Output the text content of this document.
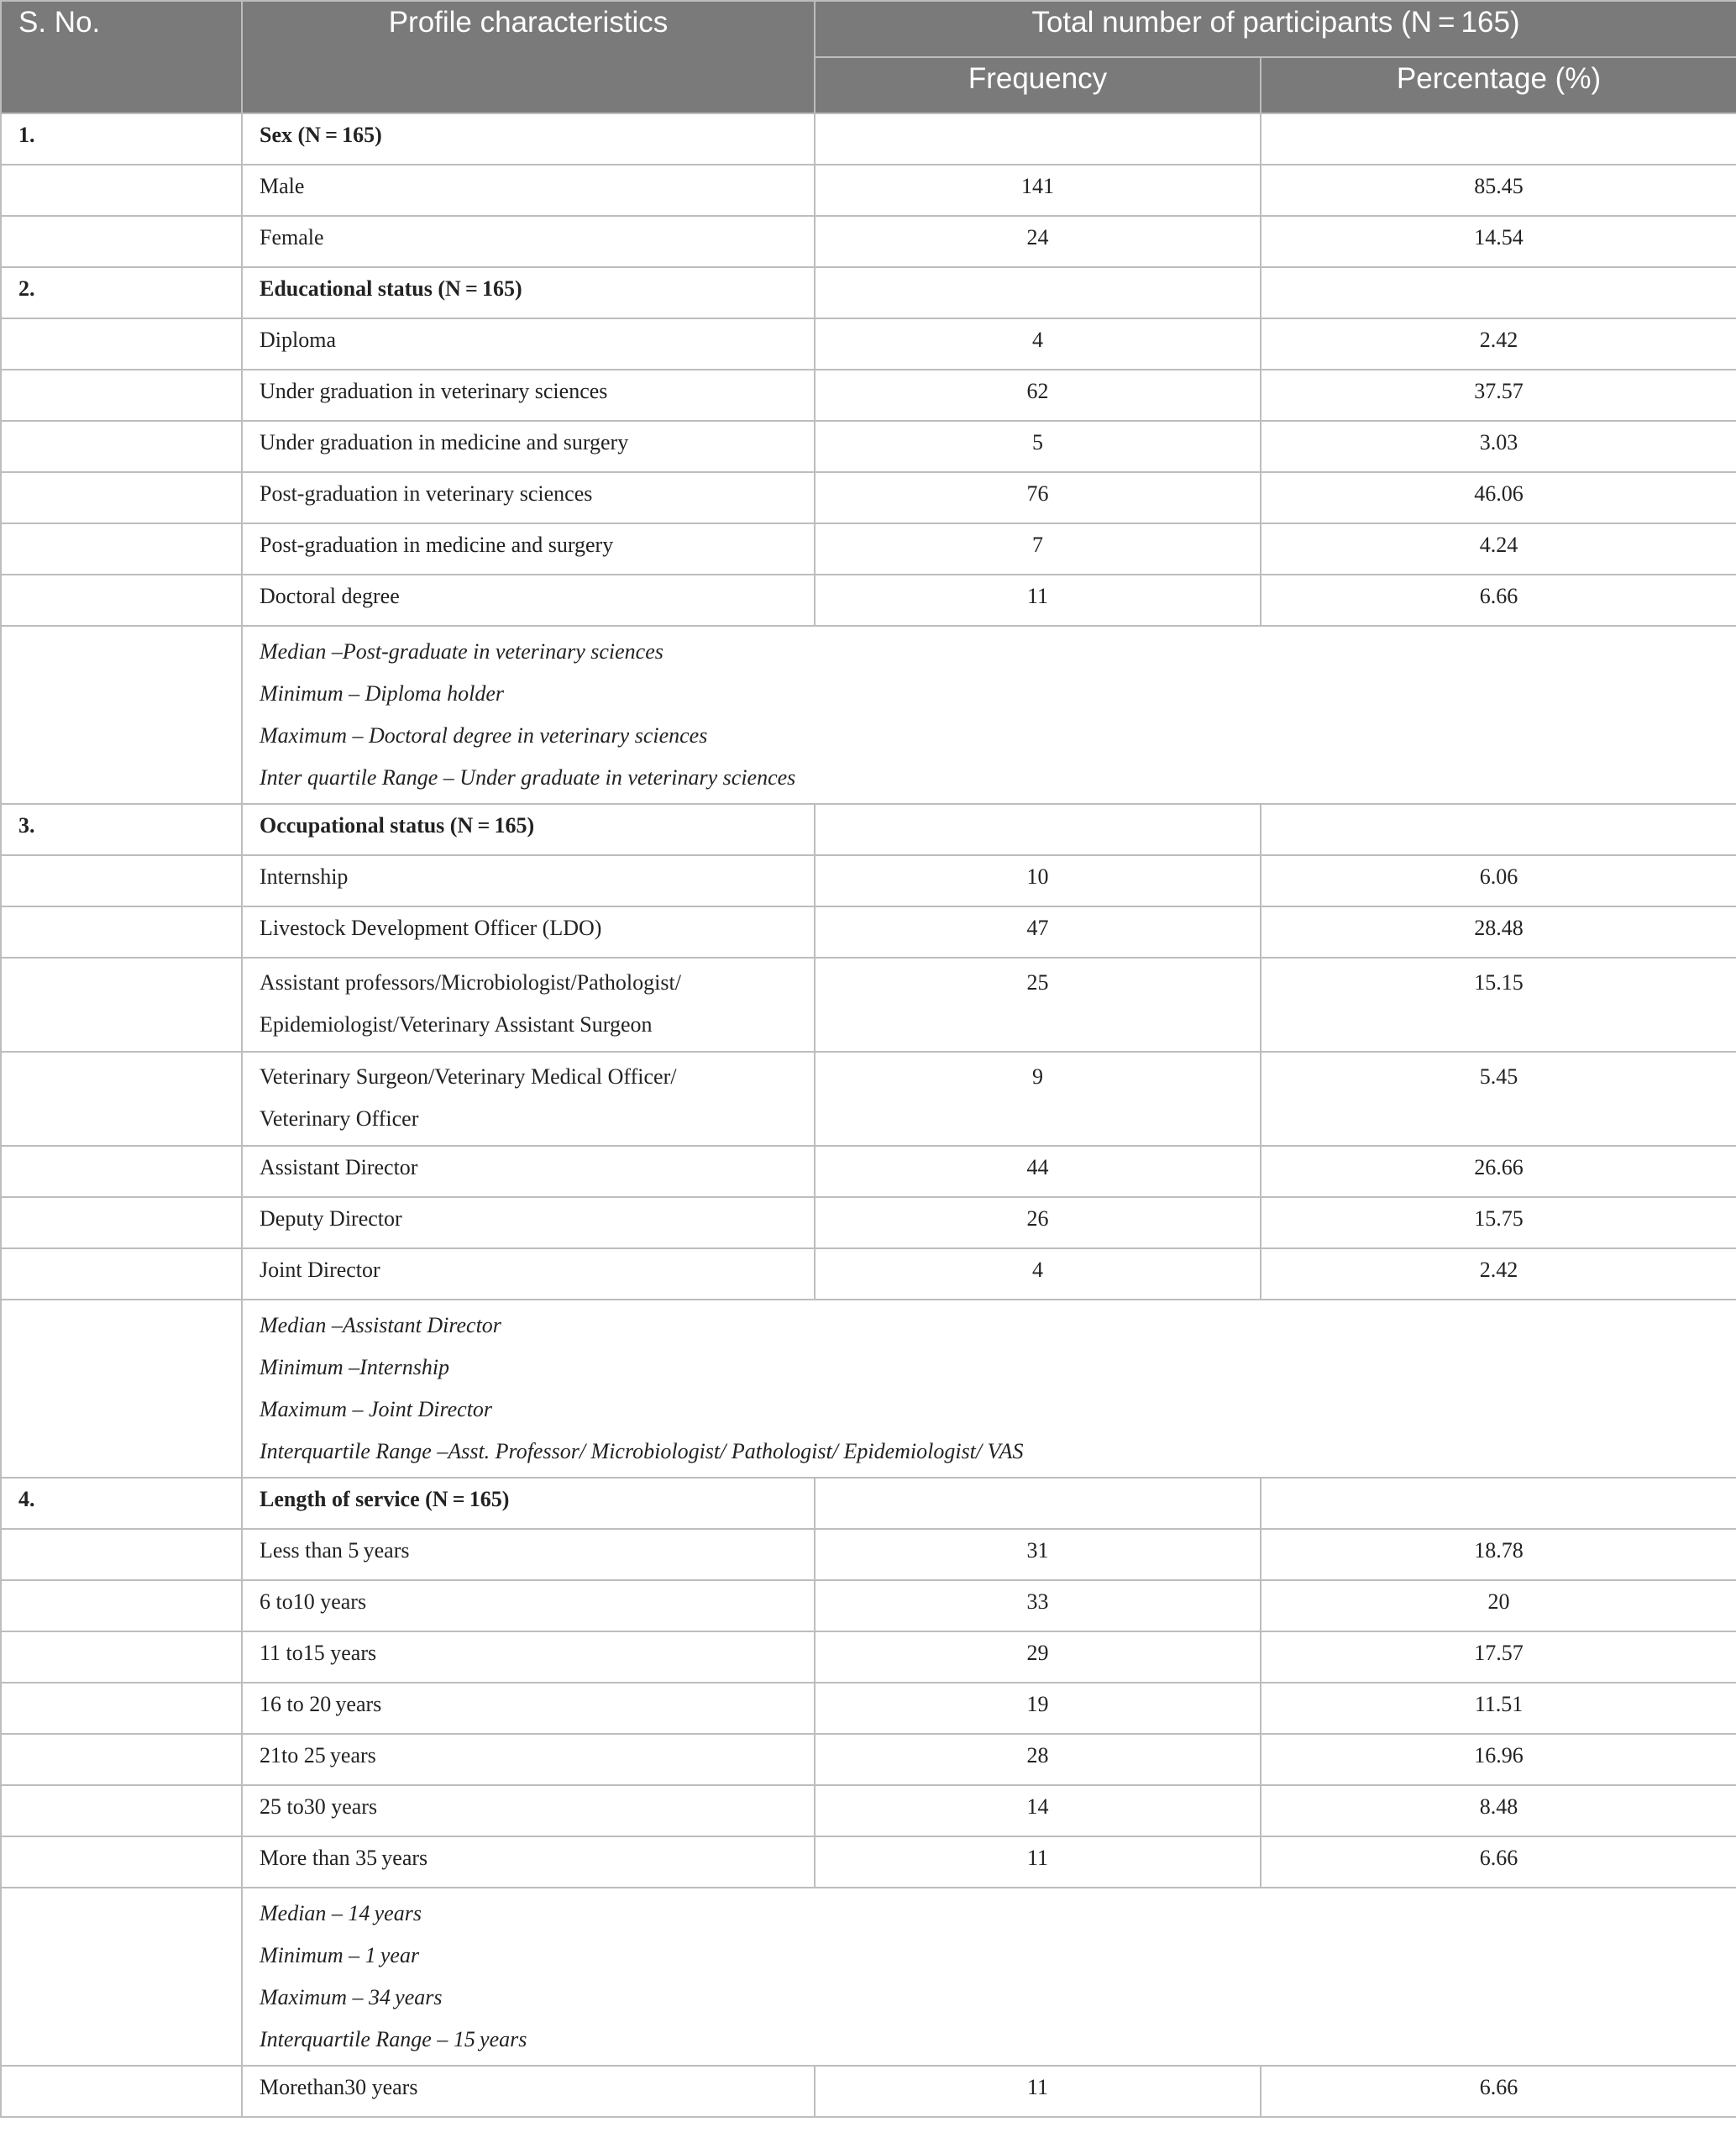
S. No.	Profile characteristics	Total number of participants (N = 165)	
		Frequency	Percentage (%)
1.	Sex (N = 165)		
	Male	141	85.45
	Female	24	14.54
2.	Educational status (N = 165)		
	Diploma	4	2.42
	Under graduation in veterinary sciences	62	37.57
	Under graduation in medicine and surgery	5	3.03
	Post-graduation in veterinary sciences	76	46.06
	Post-graduation in medicine and surgery	7	4.24
	Doctoral degree	11	6.66

	Median –Post-graduate in veterinary sciences
Minimum – Diploma holder
Maximum – Doctoral degree in veterinary sciences
Inter quartile Range – Under graduate in veterinary sciences		

3.	Occupational status (N = 165)		
	Internship	10	6.06
	Livestock Development Officer (LDO)	47	28.48
	Assistant professors/Microbiologist/Pathologist/
Epidemiologist/Veterinary Assistant Surgeon	25	15.15
	Veterinary Surgeon/Veterinary Medical Officer/
Veterinary Officer	9	5.45
	Assistant Director	44	26.66
	Deputy Director	26	15.75
	Joint Director	4	2.42

	Median –Assistant Director
Minimum –Internship
Maximum – Joint Director
Interquartile Range –Asst. Professor/ Microbiologist/ Pathologist/ Epidemiologist/ VAS		

4.	Length of service (N = 165)		
	Less than 5 years	31	18.78
	6 to10 years	33	20
	11 to15 years	29	17.57
	16 to 20 years	19	11.51
	21to 25 years	28	16.96
	25 to30 years	14	8.48
	More than 35 years	11	6.66

	Median – 14 years
Minimum – 1 year
Maximum – 34 years
Interquartile Range – 15 years		

	Morethan30 years	11	6.66
